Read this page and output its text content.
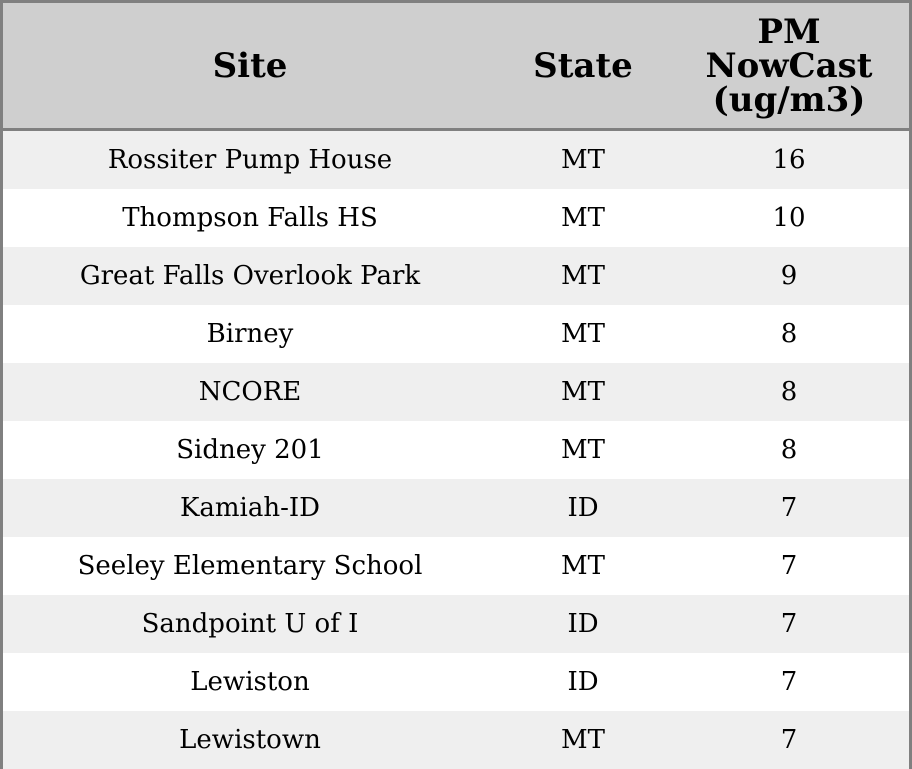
Site	State	PM
NowCast
(ug/m3)

Rossiter Pump House	MT	16
Thompson Falls HS	MT	10
Great Falls Overlook Park	MT	9
Birney	MT	8
NCORE	MT	8
Sidney 201	MT	8
Kamiah-ID	ID	7
Seeley Elementary School	MT	7
Sandpoint U of I	ID	7
Lewiston	ID	7
Lewistown	MT	7
